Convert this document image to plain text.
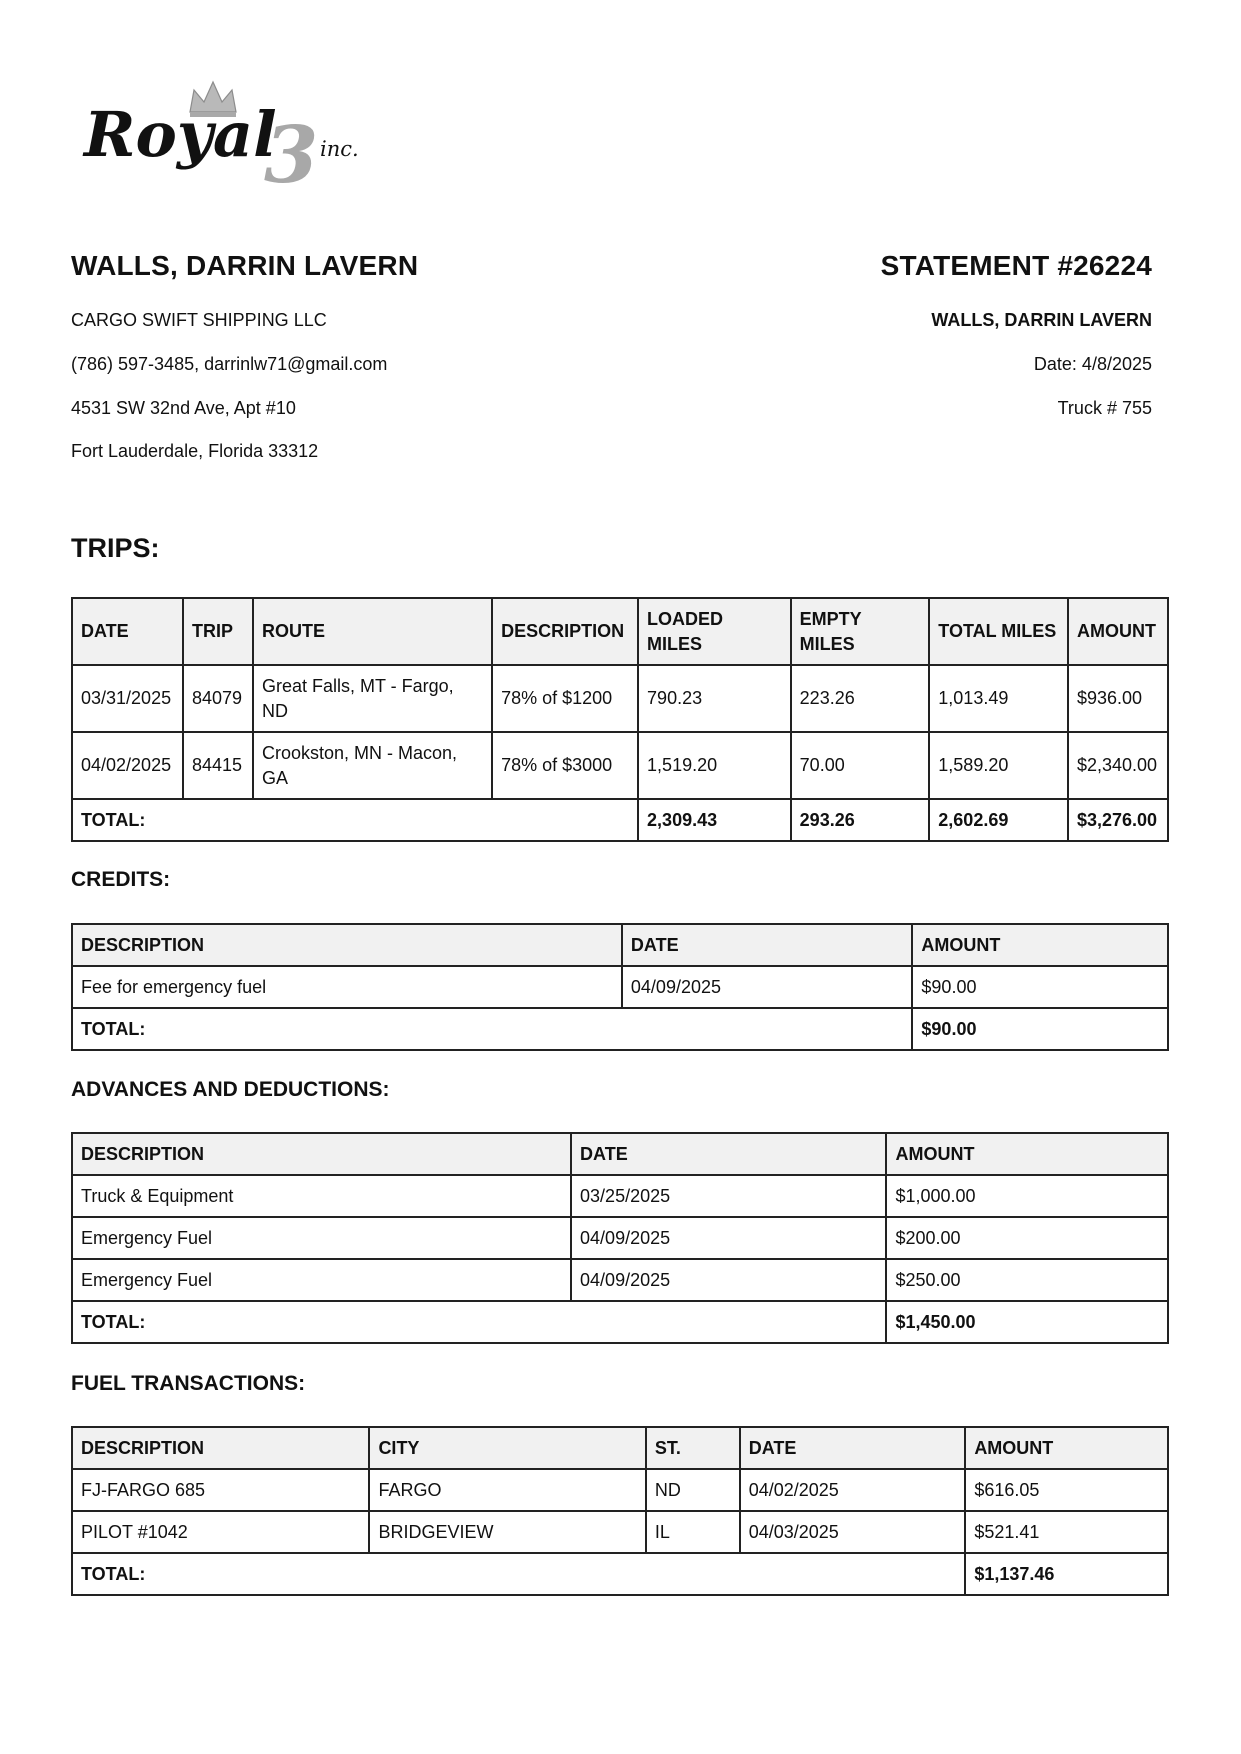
Royal
3 inc.
WALLS, DARRIN LAVERN
CARGO SWIFT SHIPPING LLC
(786) 597-3485, darrinlw71@gmail.com
4531 SW 32nd Ave, Apt #10
Fort Lauderdale, Florida 33312
STATEMENT #26224
WALLS, DARRIN LAVERN
Date: 4/8/2025
Truck # 755
TRIPS:
DATE	TRIP	ROUTE	DESCRIPTION	LOADED MILES	EMPTY MILES	TOTAL MILES	AMOUNT
03/31/2025	84079	Great Falls, MT - Fargo, ND	78% of $1200	790.23	223.26	1,013.49	$936.00
04/02/2025	84415	Crookston, MN - Macon, GA	78% of $3000	1,519.20	70.00	1,589.20	$2,340.00
TOTAL:				2,309.43	293.26	2,602.69	$3,276.00
CREDITS:
DESCRIPTION	DATE	AMOUNT
Fee for emergency fuel	04/09/2025	$90.00
TOTAL:		$90.00
ADVANCES AND DEDUCTIONS:
DESCRIPTION	DATE	AMOUNT
Truck & Equipment	03/25/2025	$1,000.00
Emergency Fuel	04/09/2025	$200.00
Emergency Fuel	04/09/2025	$250.00
TOTAL:		$1,450.00
FUEL TRANSACTIONS:
DESCRIPTION	CITY	ST.	DATE	AMOUNT
FJ-FARGO 685	FARGO	ND	04/02/2025	$616.05
PILOT #1042	BRIDGEVIEW	IL	04/03/2025	$521.41
TOTAL:				$1,137.46
